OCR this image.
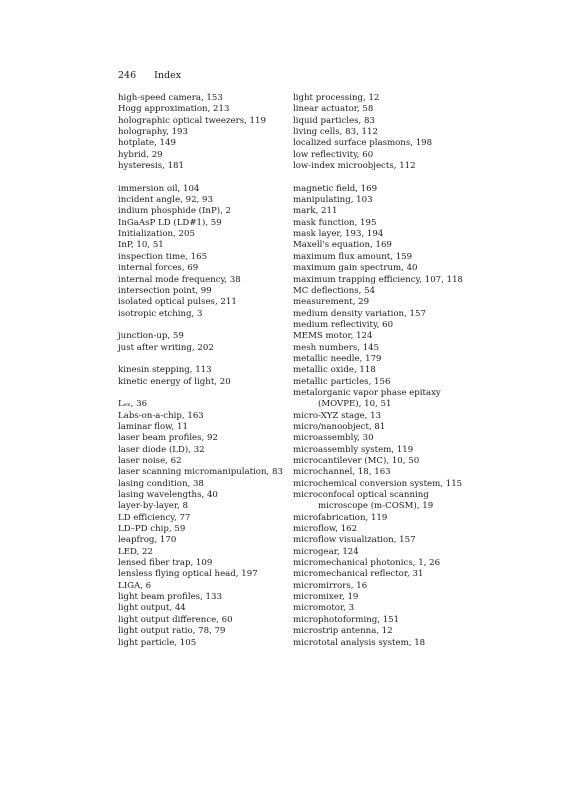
246 Index
high-speed camera, 153
Hogg approximation, 213
holographic optical tweezers, 119
holography, 193
hotplate, 149
hybrid, 29
hysteresis, 181
immersion oil, 104
incident angle, 92, 93
indium phosphide (InP), 2
InGaAsP LD (LD#1), 59
Initialization, 205
InP, 10, 51
inspection time, 165
internal forces, 69
internal mode frequency, 38
intersection point, 99
isolated optical pulses, 211
isotropic etching, 3
junction-up, 59
just after writing, 202
kinesin stepping, 113
kinetic energy of light, 20
Lₑₓ, 36
Labs-on-a-chip, 163
laminar flow, 11
laser beam profiles, 92
laser diode (LD), 32
laser noise, 62
laser scanning micromanipulation, 83
lasing condition, 38
lasing wavelengths, 40
layer-by-layer, 8
LD efficiency, 77
LD–PD chip, 59
leapfrog, 170
LED, 22
lensed fiber trap, 109
lensless flying optical head, 197
LIGA, 6
light beam profiles, 133
light output, 44
light output difference, 60
light output ratio, 78, 79
light particle, 105
light processing, 12
linear actuator, 58
liquid particles, 83
living cells, 83, 112
localized surface plasmons, 198
low reflectivity, 60
low-index microobjects, 112
magnetic field, 169
manipulating, 103
mark, 211
mask function, 195
mask layer, 193, 194
Maxell's equation, 169
maximum flux amount, 159
maximum gain spectrum, 40
maximum trapping efficiency, 107, 118
MC deflections, 54
measurement, 29
medium density variation, 157
medium reflectivity, 60
MEMS motor, 124
mesh numbers, 145
metallic needle, 179
metallic oxide, 118
metallic particles, 156
metalorganic vapor phase epitaxy
(MOVPE), 10, 51
micro-XYZ stage, 13
micro/nanoobject, 81
microassembly, 30
microassembly system, 119
microcantilever (MC), 10, 50
microchannel, 18, 163
microchemical conversion system, 115
microconfocal optical scanning
microscope (m-COSM), 19
microfabrication, 119
microflow, 162
microflow visualization, 157
microgear, 124
micromechanical photonics, 1, 26
micromechanical reflector, 31
micromirrors, 16
micromixer, 19
micromotor, 3
microphotoforming, 151
microstrip antenna, 12
micrototal analysis system, 18
